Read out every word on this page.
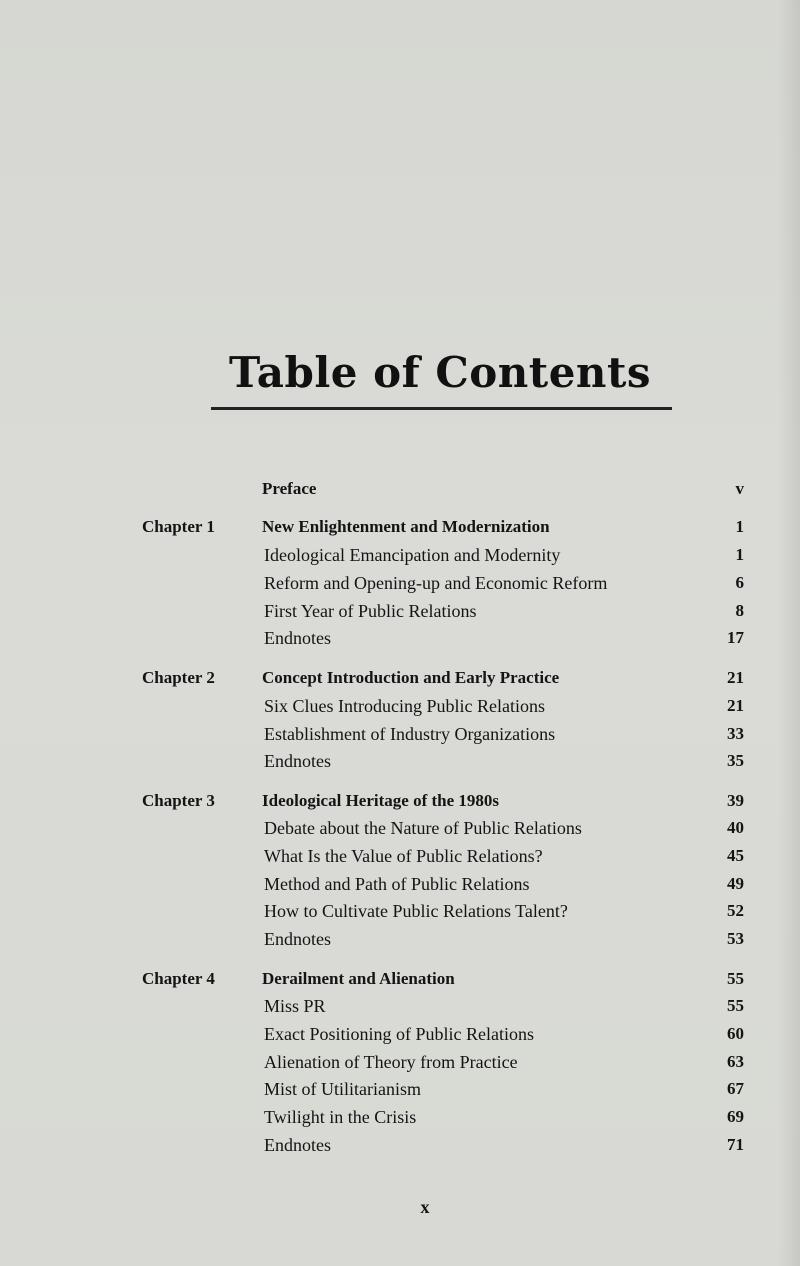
Table of Contents
Preface	v
Chapter 1	New Enlightenment and Modernization	1
Ideological Emancipation and Modernity	1
Reform and Opening-up and Economic Reform	6
First Year of Public Relations	8
Endnotes	17
Chapter 2	Concept Introduction and Early Practice	21
Six Clues Introducing Public Relations	21
Establishment of Industry Organizations	33
Endnotes	35
Chapter 3	Ideological Heritage of the 1980s	39
Debate about the Nature of Public Relations	40
What Is the Value of Public Relations?	45
Method and Path of Public Relations	49
How to Cultivate Public Relations Talent?	52
Endnotes	53
Chapter 4	Derailment and Alienation	55
Miss PR	55
Exact Positioning of Public Relations	60
Alienation of Theory from Practice	63
Mist of Utilitarianism	67
Twilight in the Crisis	69
Endnotes	71
x
